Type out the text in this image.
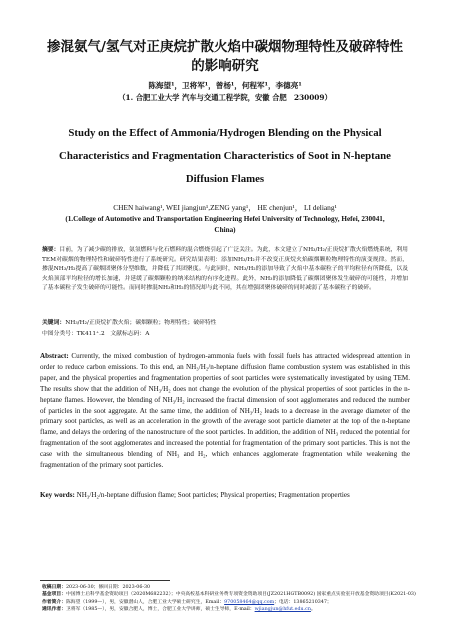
掺混氨气/氢气对正庚烷扩散火焰中碳烟物理特性及破碎特性
的影响研究
陈海望¹，卫将军¹，曾杨¹，何程军¹，李德亮¹
（1. 合肥工业大学 汽车与交通工程学院，安徽 合肥　230009）
Study on the Effect of Ammonia/Hydrogen Blending on the Physical
Characteristics and Fragmentation Characteristics of Soot in N-heptane
Diffusion Flames
CHEN haiwang¹, WEI jiangjun¹,ZENG yang¹， HE chenjun¹， LI deliang¹
(1.College of Automotive and Transportation Engineering Hefei University of Technology, Hefei, 230041,
China)
摘要：目前，为了减少碳的排放，氨氢燃料与化石燃料的混合燃烧引起了广泛关注。为此，本文建立了NH₃/H₂/正庚烷扩散火焰燃烧系统，利用TEM对碳烟的物理特性和破碎特性进行了系统研究。研究结果表明：添加NH₃/H₂并不改变正庚烷火焰碳烟颗粒物理特性的演变规律。然而，掺混NH₃/H₂提高了碳烟团聚体分型维数，并降低了其团聚度。与此同时，NH₃/H₂的添加导致了火焰中基本碳粒子的平均粒径有所降低，以及火焰顶部平均粒径的增长加速，并延缓了碳烟颗粒的纳米结构的有序化进程。此外，NH₃的添加降低了碳烟团聚体发生破碎的可能性，并增加了基本碳粒子发生破碎的可能性。而同时掺混NH₃和H₂的情况却与此不同，其在增强团聚体破碎的同时减弱了基本碳粒子的破碎。
关键词：NH₃/H₂/正庚烷扩散火焰；碳烟颗粒；物理特性；破碎特性
中图分类号：TK411⁺.2　文献标志码：A
Abstract: Currently, the mixed combustion of hydrogen-ammonia fuels with fossil fuels has attracted widespread attention in order to reduce carbon emissions. To this end, an NH₃/H₂/n-heptane diffusion flame combustion system was established in this paper, and the physical properties and fragmentation properties of soot particles were systematically investigated by using TEM. The results show that the addition of NH₃/H₂ does not change the evolution of the physical properties of soot particles in the n-heptane flames. However, the blending of NH₃/H₂ increased the fractal dimension of soot agglomerates and reduced the number of particles in the soot aggregate. At the same time, the addition of NH₃/H₂ leads to a decrease in the average diameter of the primary soot particles, as well as an acceleration in the growth of the average soot particle diameter at the top of the n-heptane flame, and delays the ordering of the nanostructure of the soot particles. In addition, the addition of NH₃ reduced the potential for fragmentation of the soot agglomerates and increased the potential for fragmentation of the primary soot particles. This is not the case with the simultaneous blending of NH₃ and H₂, which enhances agglomerate fragmentation while weakening the fragmentation of the primary soot particles.
Key words: NH₃/H₂/n-heptane diffusion flame; Soot particles; Physical properties; Fragmentation properties
收稿日期：2023-06-30；修回日期：2023-06-30
基金项目：中国博士后科学基金资助项目（2020M682232）；中央高校基本科研业务费专项资金资助项目(JZ2021HGTB0092) 国家重点实验室开放基金资助项目(K2021-03)
作者简介：陈海望（1999—），男，安徽潜山人，合肥工业大学硕士研究生，Email：970058464@qq.com；电话：13865210347；
通讯作者：卫将军（1985—），男，安徽合肥人，博士，合肥工业大学讲师，硕士生导师，E-mail：wjiangjun@hfut.edu.cn。
